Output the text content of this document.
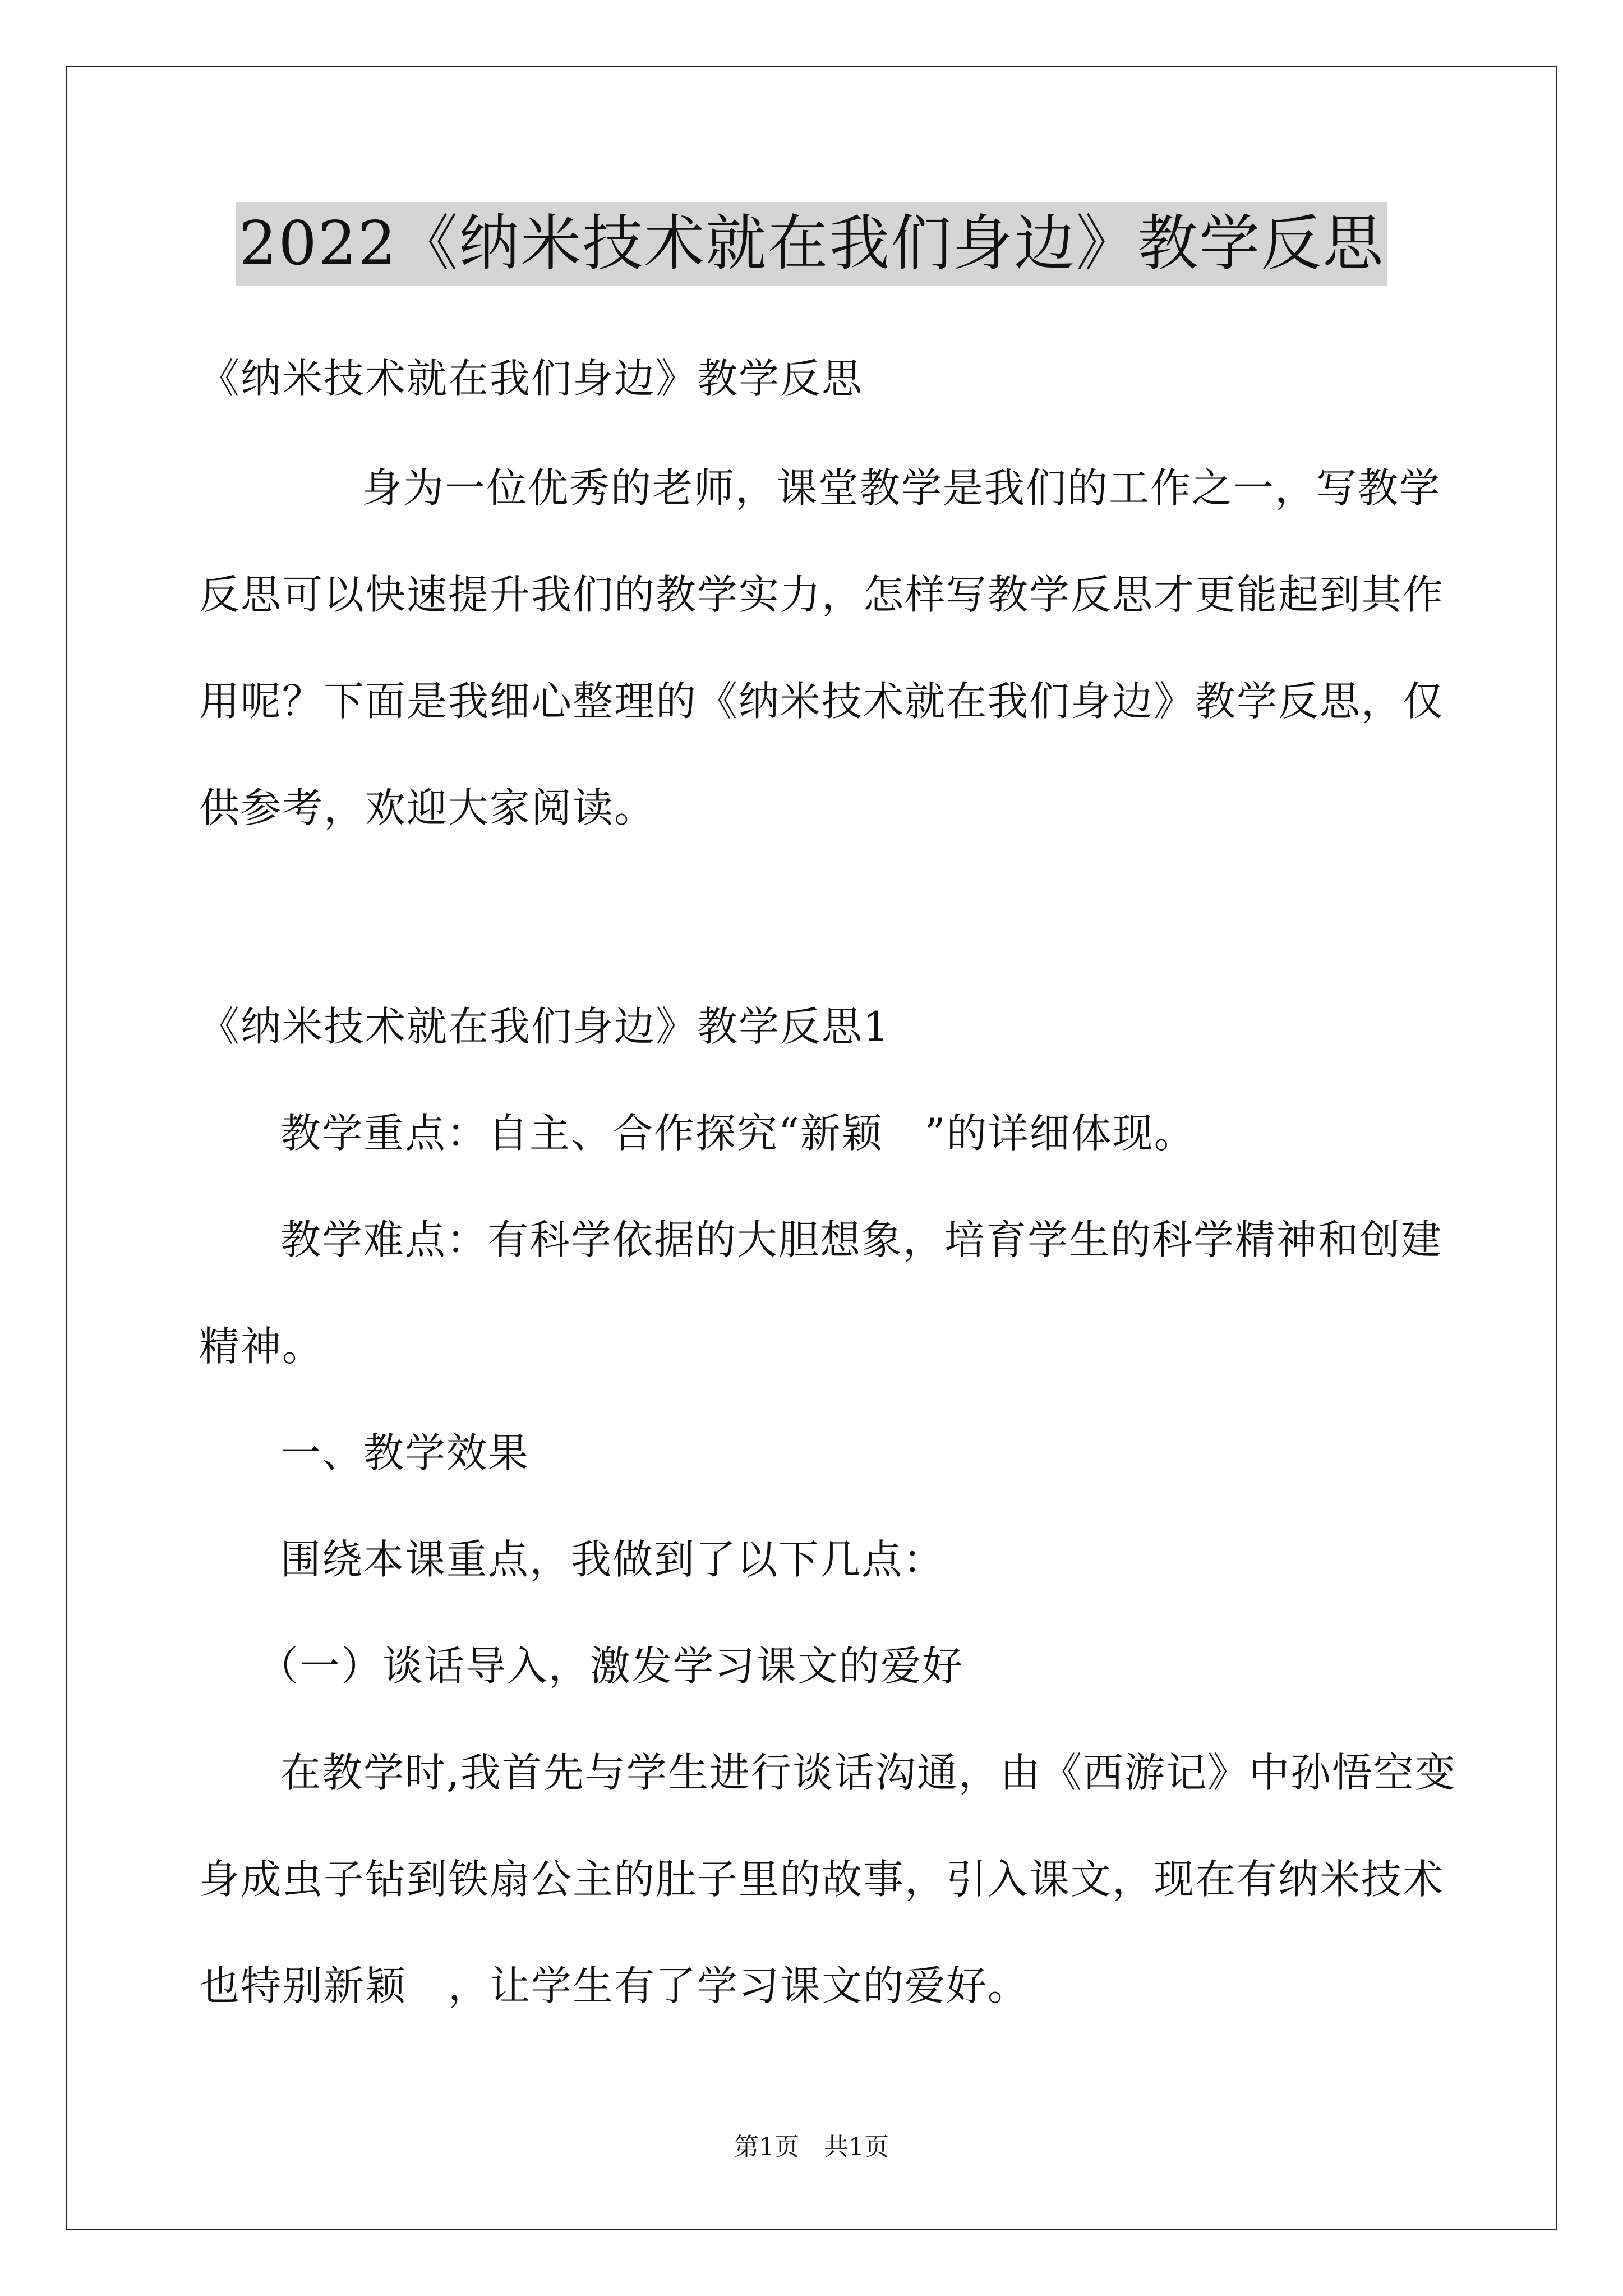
2022《纳米技术就在我们身边》教学反思
《纳米技术就在我们身边》教学反思
身为一位优秀的老师，课堂教学是我们的工作之一，写教学
反思可以快速提升我们的教学实力，怎样写教学反思才更能起到其作
用呢？下面是我细心整理的《纳米技术就在我们身边》教学反思，仅
供参考，欢迎大家阅读。
《纳米技术就在我们身边》教学反思1
教学重点：自主、合作探究“新颖　”的详细体现。
教学难点：有科学依据的大胆想象，培育学生的科学精神和创建
精神。
一、教学效果
围绕本课重点，我做到了以下几点：
（一）谈话导入，激发学习课文的爱好
在教学时,我首先与学生进行谈话沟通，由《西游记》中孙悟空变
身成虫子钻到铁扇公主的肚子里的故事，引入课文，现在有纳米技术
也特别新颖　，让学生有了学习课文的爱好。
第1页　共1页
